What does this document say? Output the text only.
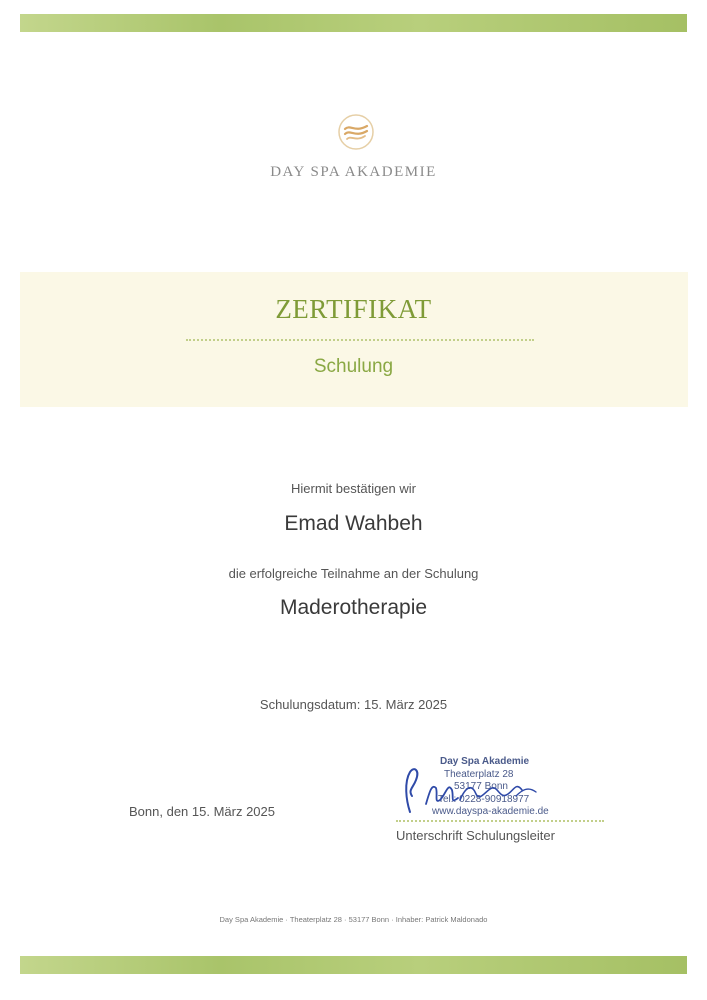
DAY SPA AKADEMIE
ZERTIFIKAT
Schulung
Hiermit bestätigen wir
Emad Wahbeh
die erfolgreiche Teilnahme an der Schulung
Maderotherapie
Schulungsdatum: 15. März 2025
Bonn, den 15. März 2025
Day Spa Akademie
Theaterplatz 28
53177 Bonn
Tel.: 0228-90918977
www.dayspa-akademie.de
Unterschrift Schulungsleiter
Day Spa Akademie · Theaterplatz 28 · 53177 Bonn · Inhaber: Patrick Maldonado
